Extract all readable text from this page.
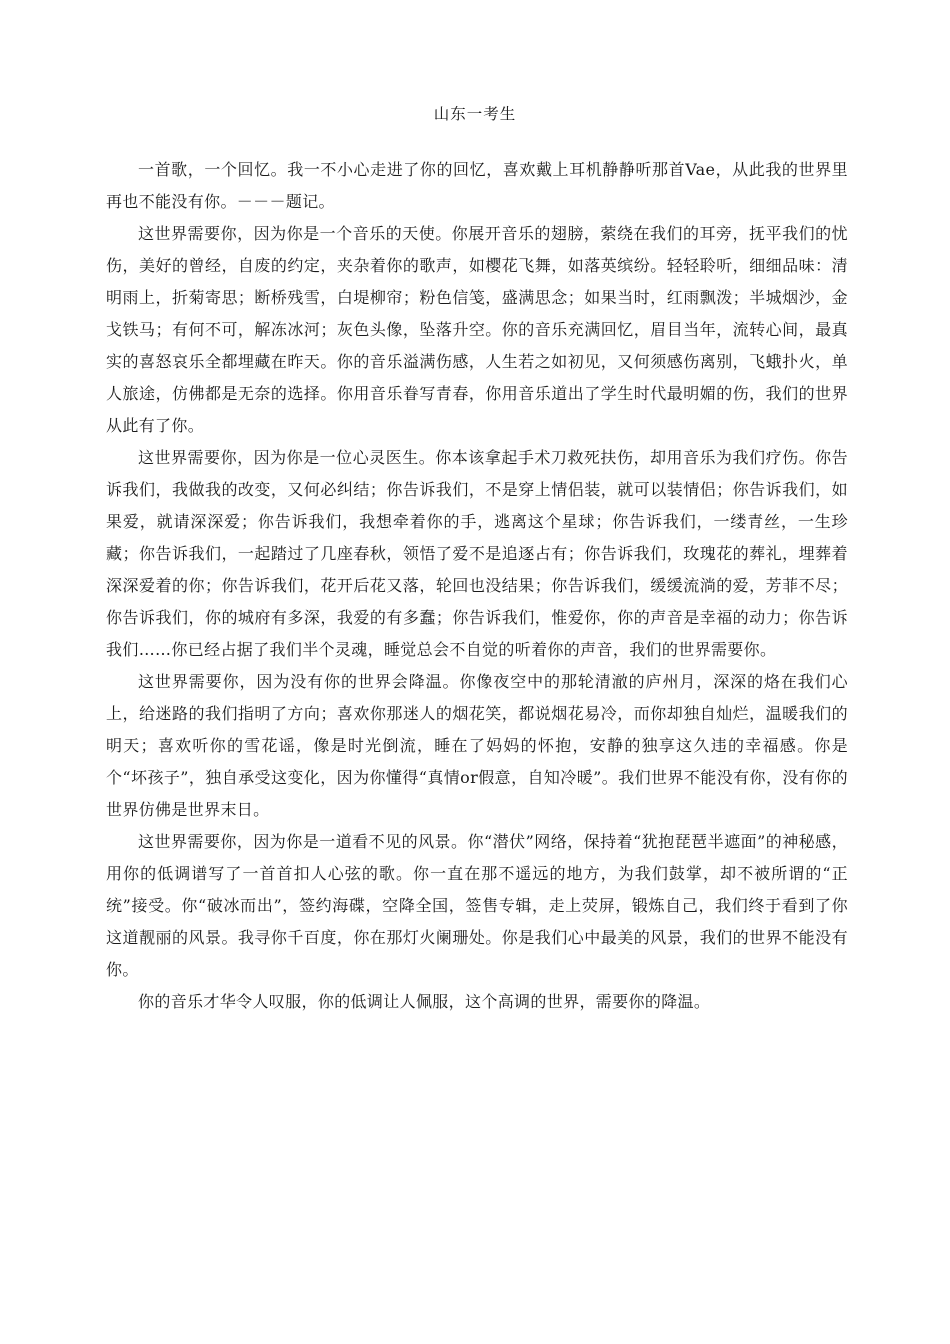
山东一考生

一首歌，一个回忆。我一不小心走进了你的回忆，喜欢戴上耳机静静听那首Vae，从此我的世界里再也不能没有你。－－－题记。

这世界需要你，因为你是一个音乐的天使。你展开音乐的翅膀，萦绕在我们的耳旁，抚平我们的忧伤，美好的曾经，自废的约定，夹杂着你的歌声，如樱花飞舞，如落英缤纷。轻轻聆听，细细品味：清明雨上，折菊寄思；断桥残雪，白堤柳帘；粉色信笺，盛满思念；如果当时，红雨飘泼；半城烟沙，金戈铁马；有何不可，解冻冰河；灰色头像，坠落升空。你的音乐充满回忆，眉目当年，流转心间，最真实的喜怒哀乐全都埋藏在昨天。你的音乐溢满伤感，人生若之如初见，又何须感伤离别，飞蛾扑火，单人旅途，仿佛都是无奈的选择。你用音乐眷写青春，你用音乐道出了学生时代最明媚的伤，我们的世界从此有了你。

这世界需要你，因为你是一位心灵医生。你本该拿起手术刀救死扶伤，却用音乐为我们疗伤。你告诉我们，我做我的改变，又何必纠结；你告诉我们，不是穿上情侣装，就可以装情侣；你告诉我们，如果爱，就请深深爱；你告诉我们，我想牵着你的手，逃离这个星球；你告诉我们，一缕青丝，一生珍藏；你告诉我们，一起踏过了几座春秋，领悟了爱不是追逐占有；你告诉我们，玫瑰花的葬礼，埋葬着深深爱着的你；你告诉我们，花开后花又落，轮回也没结果；你告诉我们，缓缓流淌的爱，芳菲不尽；你告诉我们，你的城府有多深，我爱的有多蠢；你告诉我们，惟爱你，你的声音是幸福的动力；你告诉我们……你已经占据了我们半个灵魂，睡觉总会不自觉的听着你的声音，我们的世界需要你。

这世界需要你，因为没有你的世界会降温。你像夜空中的那轮清澈的庐州月，深深的烙在我们心上，给迷路的我们指明了方向；喜欢你那迷人的烟花笑，都说烟花易冷，而你却独自灿烂，温暖我们的明天；喜欢听你的雪花谣，像是时光倒流，睡在了妈妈的怀抱，安静的独享这久违的幸福感。你是个“坏孩子”，独自承受这变化，因为你懂得“真情or假意，自知冷暖”。我们世界不能没有你，没有你的世界仿佛是世界末日。

这世界需要你，因为你是一道看不见的风景。你“潜伏”网络，保持着“犹抱琵琶半遮面”的神秘感，用你的低调谱写了一首首扣人心弦的歌。你一直在那不遥远的地方，为我们鼓掌，却不被所谓的“正统”接受。你“破冰而出”，签约海碟，空降全国，签售专辑，走上荧屏，锻炼自己，我们终于看到了你这道靓丽的风景。我寻你千百度，你在那灯火阑珊处。你是我们心中最美的风景，我们的世界不能没有你。

你的音乐才华令人叹服，你的低调让人佩服，这个高调的世界，需要你的降温。
